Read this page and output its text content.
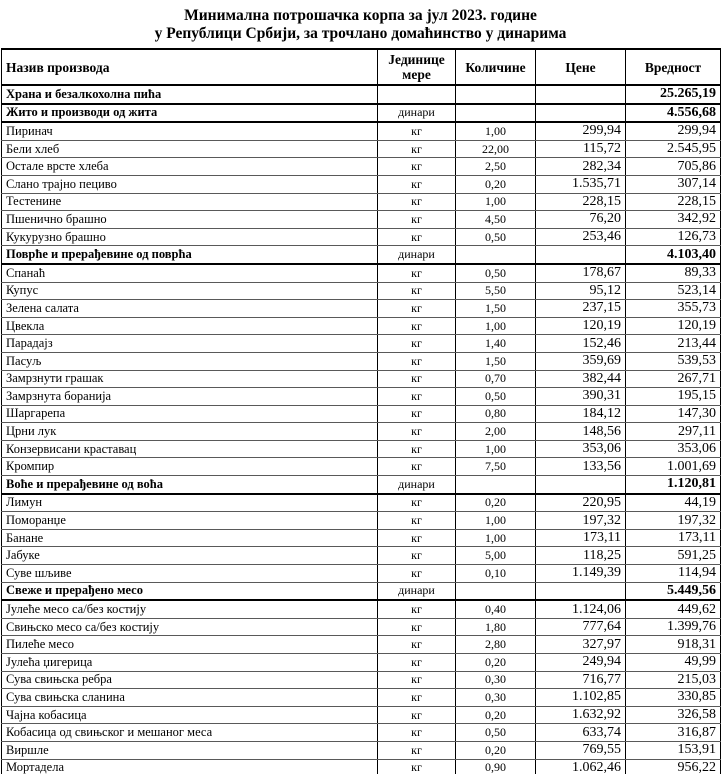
Минимална потрошачка корпа за јул 2023. године
у Републици Србији, за трочлано домаћинство у динарима
Назив производа	Јединице мере	Количине	Цене	Вредност
Храна и безалкохолна пића				25.265,19
Жито и производи од жита	динари			4.556,68
Пиринач	кг	1,00	299,94	299,94
Бели хлеб	кг	22,00	115,72	2.545,95
Остале врсте хлеба	кг	2,50	282,34	705,86
Слано трајно пециво	кг	0,20	1.535,71	307,14
Тестенине	кг	1,00	228,15	228,15
Пшенично брашно	кг	4,50	76,20	342,92
Кукурузно брашно	кг	0,50	253,46	126,73
Поврће и прерађевине од поврћа	динари			4.103,40
Спанаћ	кг	0,50	178,67	89,33
Купус	кг	5,50	95,12	523,14
Зелена салата	кг	1,50	237,15	355,73
Цвекла	кг	1,00	120,19	120,19
Парадајз	кг	1,40	152,46	213,44
Пасуљ	кг	1,50	359,69	539,53
Замрзнути грашак	кг	0,70	382,44	267,71
Замрзнута боранија	кг	0,50	390,31	195,15
Шаргарепа	кг	0,80	184,12	147,30
Црни лук	кг	2,00	148,56	297,11
Конзервисани краставац	кг	1,00	353,06	353,06
Кромпир	кг	7,50	133,56	1.001,69
Воће и прерађевине од воћа	динари			1.120,81
Лимун	кг	0,20	220,95	44,19
Поморанџе	кг	1,00	197,32	197,32
Банане	кг	1,00	173,11	173,11
Јабуке	кг	5,00	118,25	591,25
Суве шљиве	кг	0,10	1.149,39	114,94
Свеже и прерађено месо	динари			5.449,56
Јулеће месо са/без костију	кг	0,40	1.124,06	449,62
Свињско месо са/без костију	кг	1,80	777,64	1.399,76
Пилеће месо	кг	2,80	327,97	918,31
Јулећа џигерица	кг	0,20	249,94	49,99
Сува свињска ребра	кг	0,30	716,77	215,03
Сува свињска сланина	кг	0,30	1.102,85	330,85
Чајна кобасица	кг	0,20	1.632,92	326,58
Кобасица од свињског и мешаног меса	кг	0,50	633,74	316,87
Виршле	кг	0,20	769,55	153,91
Мортадела	кг	0,90	1.062,46	956,22
